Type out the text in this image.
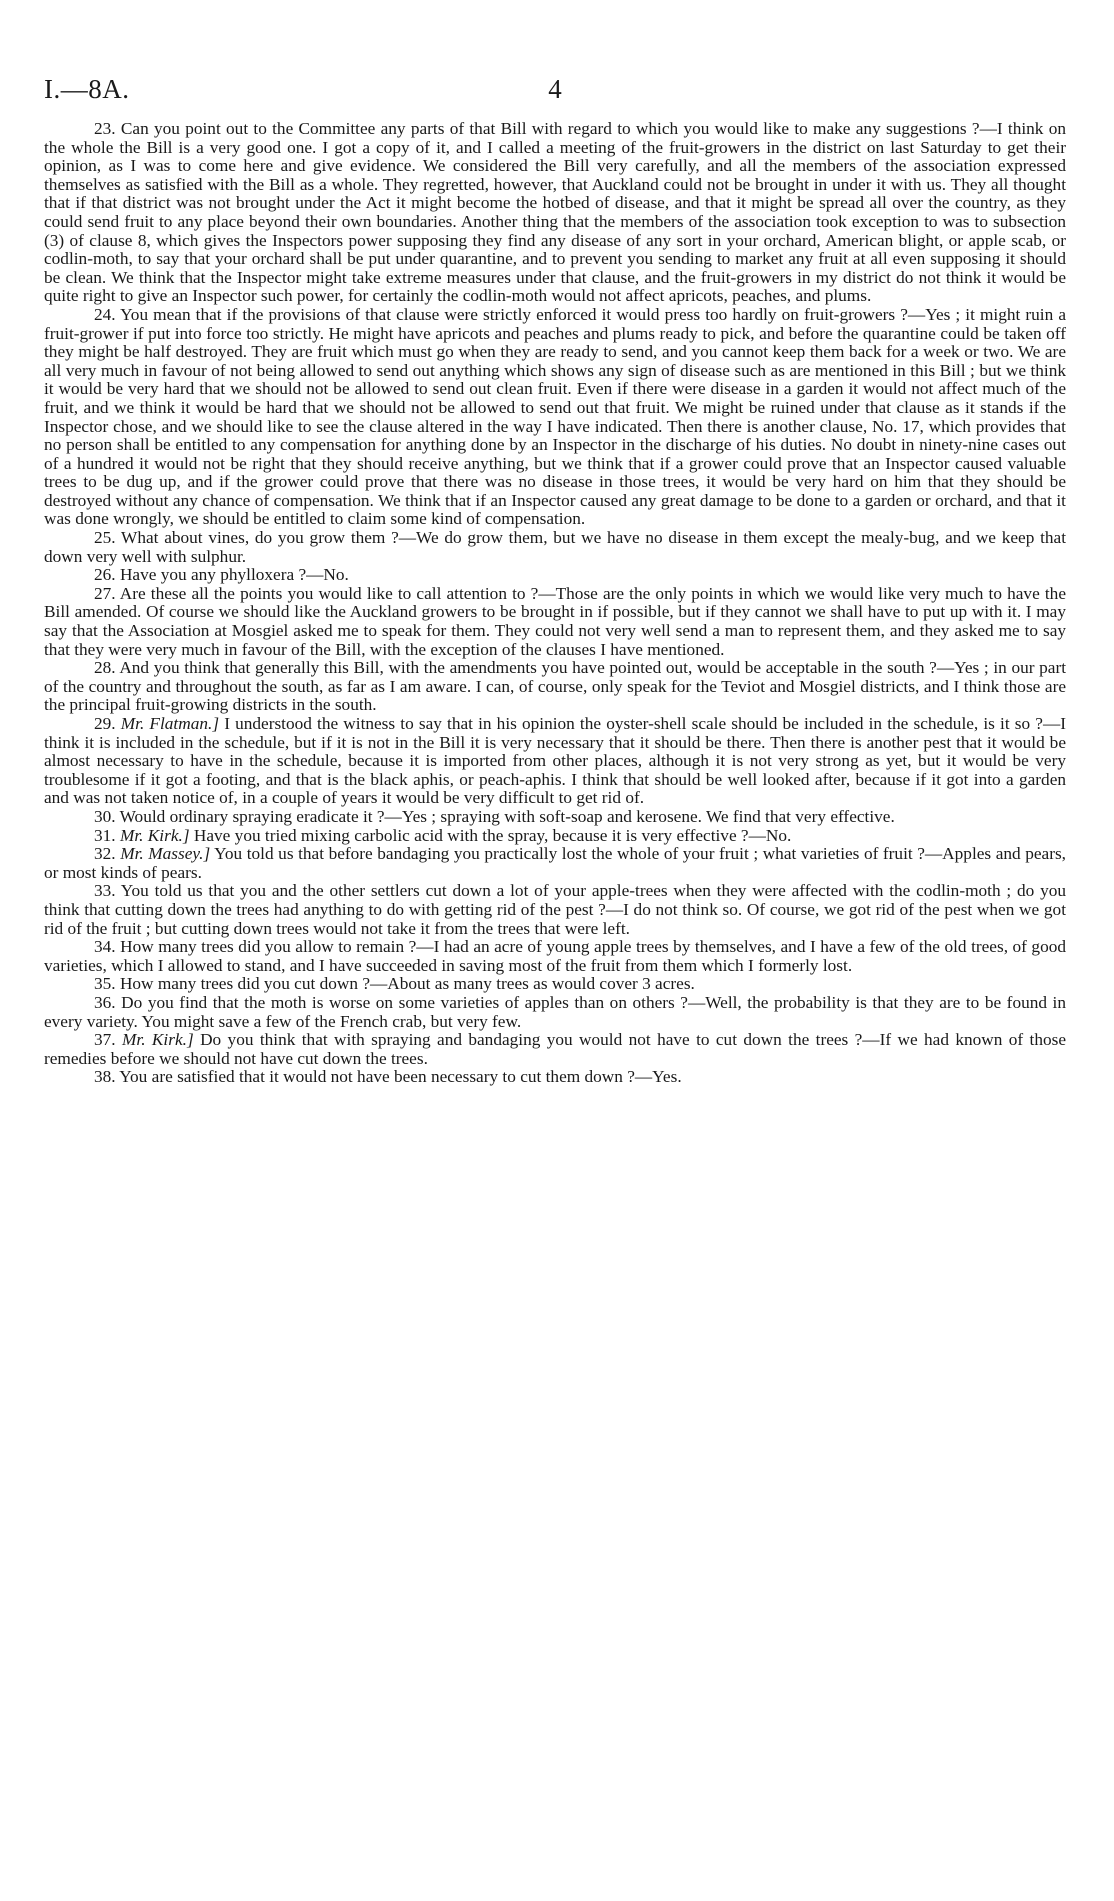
I.—8A.	4

23. Can you point out to the Committee any parts of that Bill with regard to which you would like to make any suggestions ?—I think on the whole the Bill is a very good one. I got a copy of it, and I called a meeting of the fruit-growers in the district on last Saturday to get their opinion, as I was to come here and give evidence. We considered the Bill very carefully, and all the members of the association expressed themselves as satisfied with the Bill as a whole. They regretted, however, that Auckland could not be brought in under it with us. They all thought that if that district was not brought under the Act it might become the hotbed of disease, and that it might be spread all over the country, as they could send fruit to any place beyond their own boundaries. Another thing that the members of the association took exception to was to subsection (3) of clause 8, which gives the Inspectors power supposing they find any disease of any sort in your orchard, American blight, or apple scab, or codlin-moth, to say that your orchard shall be put under quarantine, and to prevent you sending to market any fruit at all even supposing it should be clean. We think that the Inspector might take extreme measures under that clause, and the fruit-growers in my district do not think it would be quite right to give an Inspector such power, for certainly the codlin-moth would not affect apricots, peaches, and plums.

24. You mean that if the provisions of that clause were strictly enforced it would press too hardly on fruit-growers ?—Yes ; it might ruin a fruit-grower if put into force too strictly. He might have apricots and peaches and plums ready to pick, and before the quarantine could be taken off they might be half destroyed. They are fruit which must go when they are ready to send, and you cannot keep them back for a week or two. We are all very much in favour of not being allowed to send out anything which shows any sign of disease such as are mentioned in this Bill ; but we think it would be very hard that we should not be allowed to send out clean fruit. Even if there were disease in a garden it would not affect much of the fruit, and we think it would be hard that we should not be allowed to send out that fruit. We might be ruined under that clause as it stands if the Inspector chose, and we should like to see the clause altered in the way I have indicated. Then there is another clause, No. 17, which provides that no person shall be entitled to any compensation for anything done by an Inspector in the discharge of his duties. No doubt in ninety-nine cases out of a hundred it would not be right that they should receive anything, but we think that if a grower could prove that an Inspector caused valuable trees to be dug up, and if the grower could prove that there was no disease in those trees, it would be very hard on him that they should be destroyed without any chance of compensation. We think that if an Inspector caused any great damage to be done to a garden or orchard, and that it was done wrongly, we should be entitled to claim some kind of compensation.

25. What about vines, do you grow them ?—We do grow them, but we have no disease in them except the mealy-bug, and we keep that down very well with sulphur.

26. Have you any phylloxera ?—No.

27. Are these all the points you would like to call attention to ?—Those are the only points in which we would like very much to have the Bill amended. Of course we should like the Auckland growers to be brought in if possible, but if they cannot we shall have to put up with it. I may say that the Association at Mosgiel asked me to speak for them. They could not very well send a man to represent them, and they asked me to say that they were very much in favour of the Bill, with the exception of the clauses I have mentioned.

28. And you think that generally this Bill, with the amendments you have pointed out, would be acceptable in the south ?—Yes ; in our part of the country and throughout the south, as far as I am aware. I can, of course, only speak for the Teviot and Mosgiel districts, and I think those are the principal fruit-growing districts in the south.

29. Mr. Flatman.] I understood the witness to say that in his opinion the oyster-shell scale should be included in the schedule, is it so ?—I think it is included in the schedule, but if it is not in the Bill it is very necessary that it should be there. Then there is another pest that it would be almost necessary to have in the schedule, because it is imported from other places, although it is not very strong as yet, but it would be very troublesome if it got a footing, and that is the black aphis, or peach-aphis. I think that should be well looked after, because if it got into a garden and was not taken notice of, in a couple of years it would be very difficult to get rid of.

30. Would ordinary spraying eradicate it ?—Yes ; spraying with soft-soap and kerosene. We find that very effective.

31. Mr. Kirk.] Have you tried mixing carbolic acid with the spray, because it is very effective ?—No.

32. Mr. Massey.] You told us that before bandaging you practically lost the whole of your fruit ; what varieties of fruit ?—Apples and pears, or most kinds of pears.

33. You told us that you and the other settlers cut down a lot of your apple-trees when they were affected with the codlin-moth ; do you think that cutting down the trees had anything to do with getting rid of the pest ?—I do not think so. Of course, we got rid of the pest when we got rid of the fruit ; but cutting down trees would not take it from the trees that were left.

34. How many trees did you allow to remain ?—I had an acre of young apple trees by themselves, and I have a few of the old trees, of good varieties, which I allowed to stand, and I have succeeded in saving most of the fruit from them which I formerly lost.

35. How many trees did you cut down ?—About as many trees as would cover 3 acres.

36. Do you find that the moth is worse on some varieties of apples than on others ?—Well, the probability is that they are to be found in every variety. You might save a few of the French crab, but very few.

37. Mr. Kirk.] Do you think that with spraying and bandaging you would not have to cut down the trees ?—If we had known of those remedies before we should not have cut down the trees.

38. You are satisfied that it would not have been necessary to cut them down ?—Yes.
